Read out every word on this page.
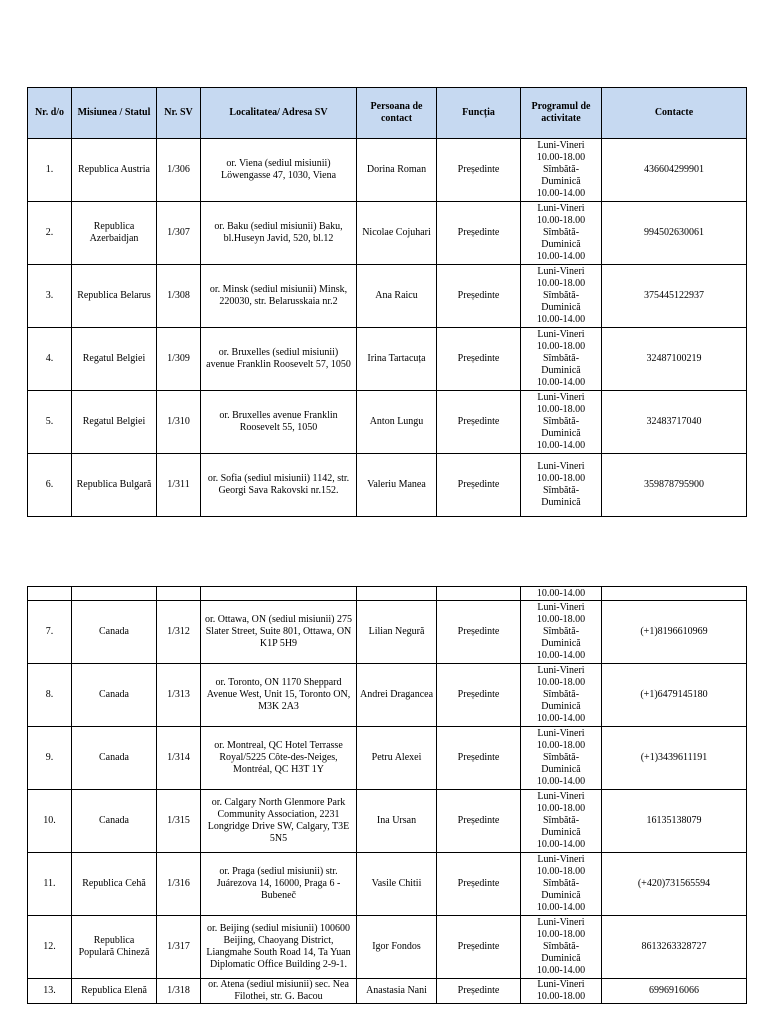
Nr. d/o	Misiunea / Statul	Nr. SV	Localitatea/ Adresa SV	Persoana de contact	Funcția	Programul de activitate	Contacte
1.	Republica Austria	1/306	or. Viena (sediul misiunii) Löwengasse 47, 1030, Viena	Dorina Roman	Președinte	Luni-Vineri
10.00-18.00
Sîmbătă-
Duminică
10.00-14.00	436604299901
2.	Republica Azerbaidjan	1/307	or. Baku (sediul misiunii) Baku, bl.Huseyn Javid, 520, bl.12	Nicolae Cojuhari	Președinte	Luni-Vineri
10.00-18.00
Sîmbătă-
Duminică
10.00-14.00	994502630061
3.	Republica Belarus	1/308	or. Minsk (sediul misiunii) Minsk, 220030, str. Belarusskaia nr.2	Ana Raicu	Președinte	Luni-Vineri
10.00-18.00
Sîmbătă-
Duminică
10.00-14.00	375445122937
4.	Regatul Belgiei	1/309	or. Bruxelles (sediul misiunii) avenue Franklin Roosevelt 57, 1050	Irina Tartacuța	Președinte	Luni-Vineri
10.00-18.00
Sîmbătă-
Duminică
10.00-14.00	32487100219
5.	Regatul Belgiei	1/310	or. Bruxelles avenue Franklin Roosevelt 55, 1050	Anton Lungu	Președinte	Luni-Vineri
10.00-18.00
Sîmbătă-
Duminică
10.00-14.00	32483717040
6.	Republica Bulgară	1/311	or. Sofia (sediul misiunii) 1142, str. Georgi Sava Rakovski nr.152.	Valeriu Manea	Președinte	Luni-Vineri
10.00-18.00
Sîmbătă-
Duminică	359878795900
						10.00-14.00	
7.	Canada	1/312	or. Ottawa, ON (sediul misiunii) 275 Slater Street, Suite 801, Ottawa, ON K1P 5H9	Lilian Negură	Președinte	Luni-Vineri
10.00-18.00
Sîmbătă-
Duminică
10.00-14.00	(+1)8196610969
8.	Canada	1/313	or. Toronto, ON 1170 Sheppard Avenue West, Unit 15, Toronto ON, M3K 2A3	Andrei Dragancea	Președinte	Luni-Vineri
10.00-18.00
Sîmbătă-
Duminică
10.00-14.00	(+1)6479145180
9.	Canada	1/314	or. Montreal, QC Hotel Terrasse Royal/5225 Côte-des-Neiges, Montréal, QC H3T 1Y	Petru Alexei	Președinte	Luni-Vineri
10.00-18.00
Sîmbătă-
Duminică
10.00-14.00	(+1)3439611191
10.	Canada	1/315	or. Calgary North Glenmore Park Community Association, 2231 Longridge Drive SW, Calgary, T3E 5N5	Ina Ursan	Președinte	Luni-Vineri
10.00-18.00
Sîmbătă-
Duminică
10.00-14.00	16135138079
11.	Republica Cehă	1/316	or. Praga (sediul misiunii) str. Juárezova 14, 16000, Praga 6 - Bubeneč	Vasile Chitii	Președinte	Luni-Vineri
10.00-18.00
Sîmbătă-
Duminică
10.00-14.00	(+420)731565594
12.	Republica Populară Chineză	1/317	or. Beijing (sediul misiunii) 100600 Beijing, Chaoyang District, Liangmahe South Road 14, Ta Yuan Diplomatic Office Building 2-9-1.	Igor Fondos	Președinte	Luni-Vineri
10.00-18.00
Sîmbătă-
Duminică
10.00-14.00	8613263328727
13.	Republica Elenă	1/318	or. Atena (sediul misiunii) sec. Nea Filothei, str. G. Bacou	Anastasia Nani	Președinte	Luni-Vineri
10.00-18.00	6996916066
